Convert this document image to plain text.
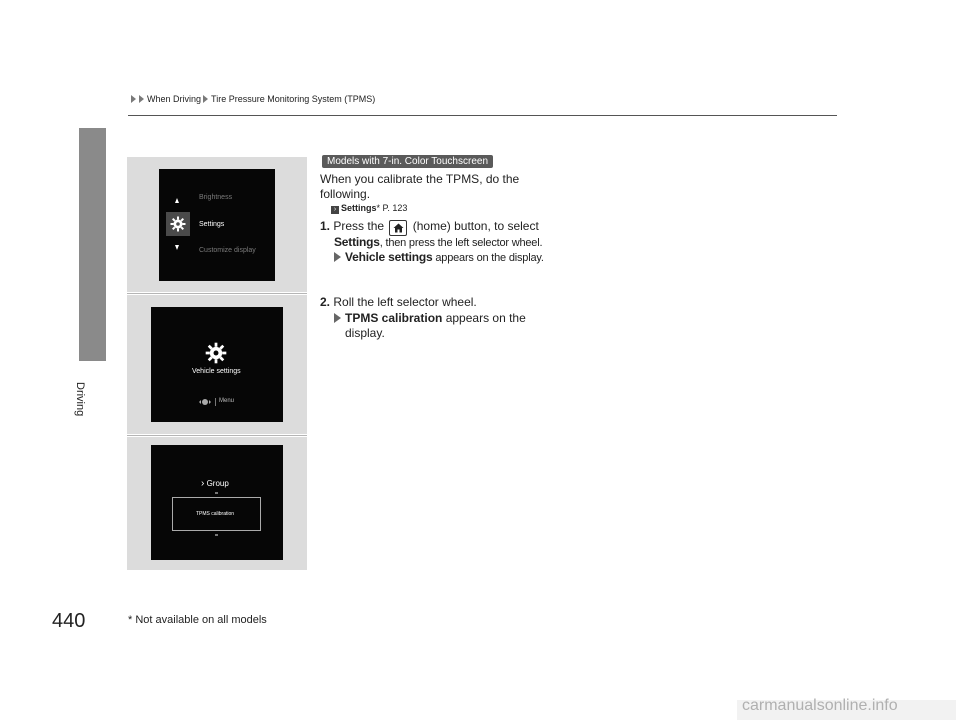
When Driving Tire Pressure Monitoring System (TPMS)
Driving
Brightness
Settings
Customize display
Vehicle settings
Menu
› Group
TPMS calibration
Models with 7-in. Color Touchscreen
When you calibrate the TPMS, do the
following.
› Settings* P. 123
1. Press the (home) button, to select
Settings, then press the left selector wheel.
Vehicle settings appears on the display.
2. Roll the left selector wheel.
TPMS calibration appears on the
display.
440	* Not available on all models
carmanualsonline.info
